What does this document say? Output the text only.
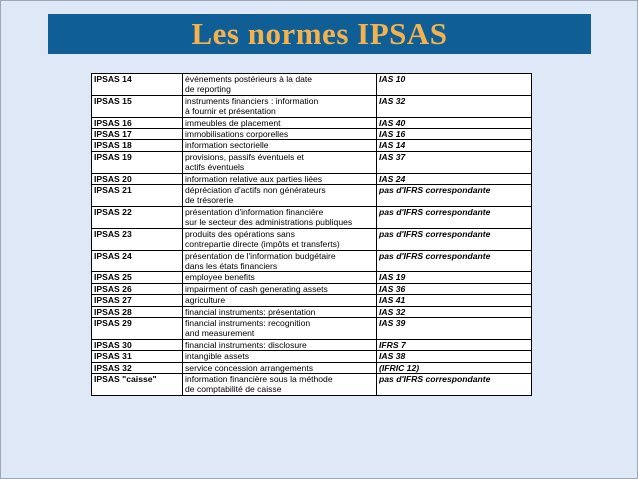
Les normes IPSAS
IPSAS 14	événements postérieurs à la date	IAS 10
	de reporting	
IPSAS 15	instruments financiers : information	IAS 32
	à fournir et présentation	
IPSAS 16	immeubles de placement	IAS 40
IPSAS 17	immobilisations corporelles	IAS 16
IPSAS 18	information sectorielle	IAS 14
IPSAS 19	provisions, passifs éventuels et	IAS 37
	actifs éventuels	
IPSAS 20	information relative aux parties liées	IAS 24
IPSAS 21	dépréciation d'actifs non générateurs	pas d'IFRS correspondante
	de trésorerie	
IPSAS 22	présentation d'information financière	pas d'IFRS correspondante
	sur le secteur des administrations publiques	
IPSAS 23	produits des opérations sans	pas d'IFRS correspondante
	contrepartie directe (impôts et transferts)	
IPSAS 24	présentation de l'information budgétaire	pas d'IFRS correspondante
	dans les états financiers	
IPSAS 25	employee benefits	IAS 19
IPSAS 26	impairment of cash generating assets	IAS 36
IPSAS 27	agriculture	IAS 41
IPSAS 28	financial instruments: présentation	IAS 32
IPSAS 29	financial instruments: recognition	IAS 39
	and measurement	
IPSAS 30	financial instruments: disclosure	IFRS 7
IPSAS 31	intangible assets	IAS 38
IPSAS 32	service concession arrangements	(IFRIC 12)
IPSAS "caisse"	information financière sous la méthode	pas d'IFRS correspondante
	de comptabilité de caisse	
